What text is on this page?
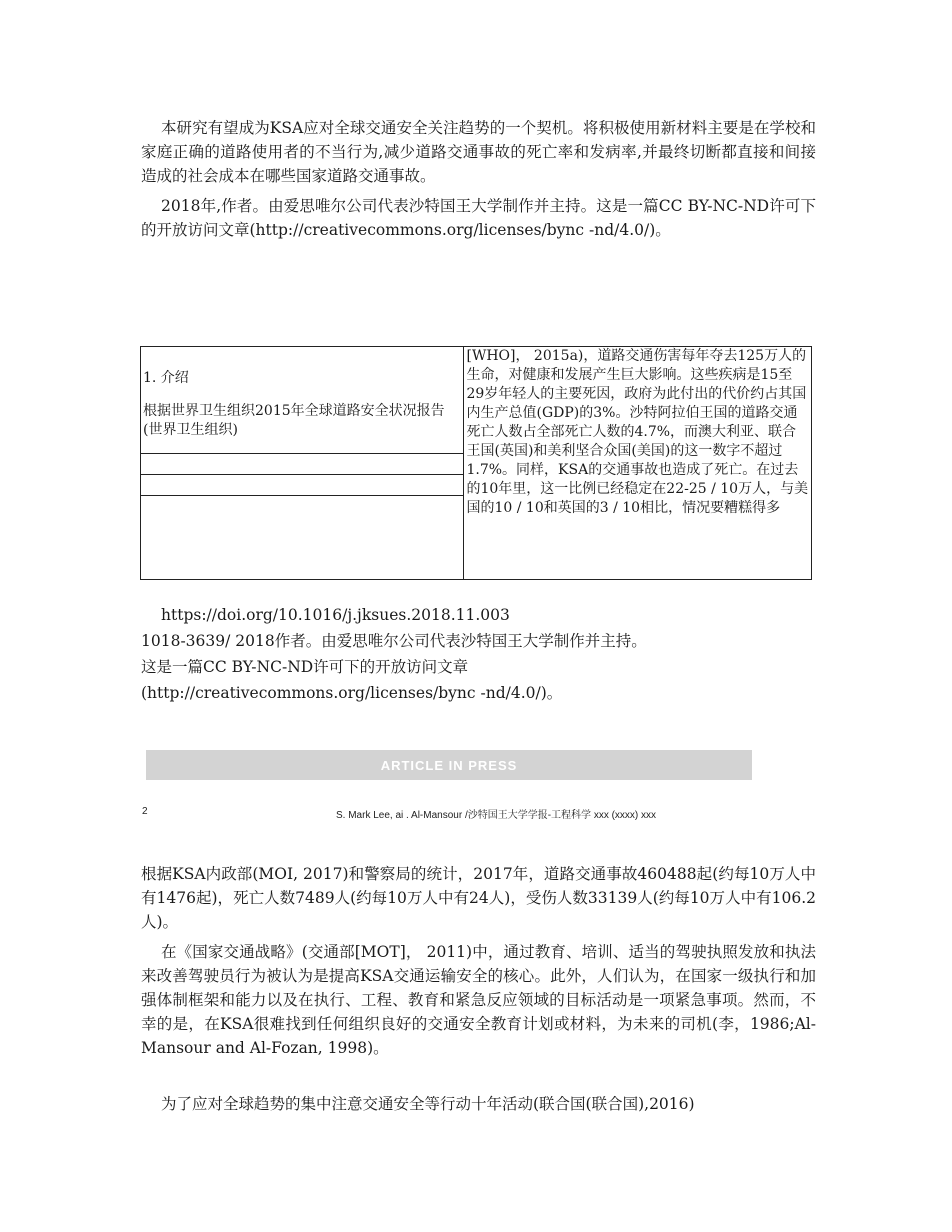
本研究有望成为KSA应对全球交通安全关注趋势的一个契机。将积极使用新材料主要是在学校和家庭正确的道路使用者的不当行为,减少道路交通事故的死亡率和发病率,并最终切断都直接和间接造成的社会成本在哪些国家道路交通事故。

2018年,作者。由爱思唯尔公司代表沙特国王大学制作并主持。这是一篇CC BY-NC-ND许可下的开放访问文章(http://creativecommons.org/licenses/bync -nd/4.0/)。

1. 介绍
根据世界卫生组织2015年全球道路安全状况报告(世界卫生组织)
	[WHO]， 2015a)，道路交通伤害每年夺去125万人的生命，对健康和发展产生巨大影响。这些疾病是15至29岁年轻人的主要死因，政府为此付出的代价约占其国内生产总值(GDP)的3%。沙特阿拉伯王国的道路交通死亡人数占全部死亡人数的4.7%，而澳大利亚、联合王国(英国)和美利坚合众国(美国)的这一数字不超过1.7%。同样，KSA的交通事故也造成了死亡。在过去的10年里，这一比例已经稳定在22-25 / 10万人，与美国的10 / 10和英国的3 / 10相比，情况要糟糕得多

https://doi.org/10.1016/j.jksues.2018.11.003
1018-3639/ 2018作者。由爱思唯尔公司代表沙特国王大学制作并主持。
这是一篇CC BY-NC-ND许可下的开放访问文章
(http://creativecommons.org/licenses/bync -nd/4.0/)。
ARTICLE IN PRESS
2	S. Mark Lee, ai . Al-Mansour /沙特国王大学学报-工程科学 xxx (xxxx) xxx

根据KSA内政部(MOI, 2017)和警察局的统计，2017年，道路交通事故460488起(约每10万人中有1476起)，死亡人数7489人(约每10万人中有24人)，受伤人数33139人(约每10万人中有106.2人)。

在《国家交通战略》(交通部[MOT]， 2011)中，通过教育、培训、适当的驾驶执照发放和执法来改善驾驶员行为被认为是提高KSA交通运输安全的核心。此外，人们认为，在国家一级执行和加强体制框架和能力以及在执行、工程、教育和紧急反应领域的目标活动是一项紧急事项。然而，不幸的是，在KSA很难找到任何组织良好的交通安全教育计划或材料，为未来的司机(李，1986;Al-Mansour and Al-Fozan, 1998)。

为了应对全球趋势的集中注意交通安全等行动十年活动(联合国(联合国),2016)
